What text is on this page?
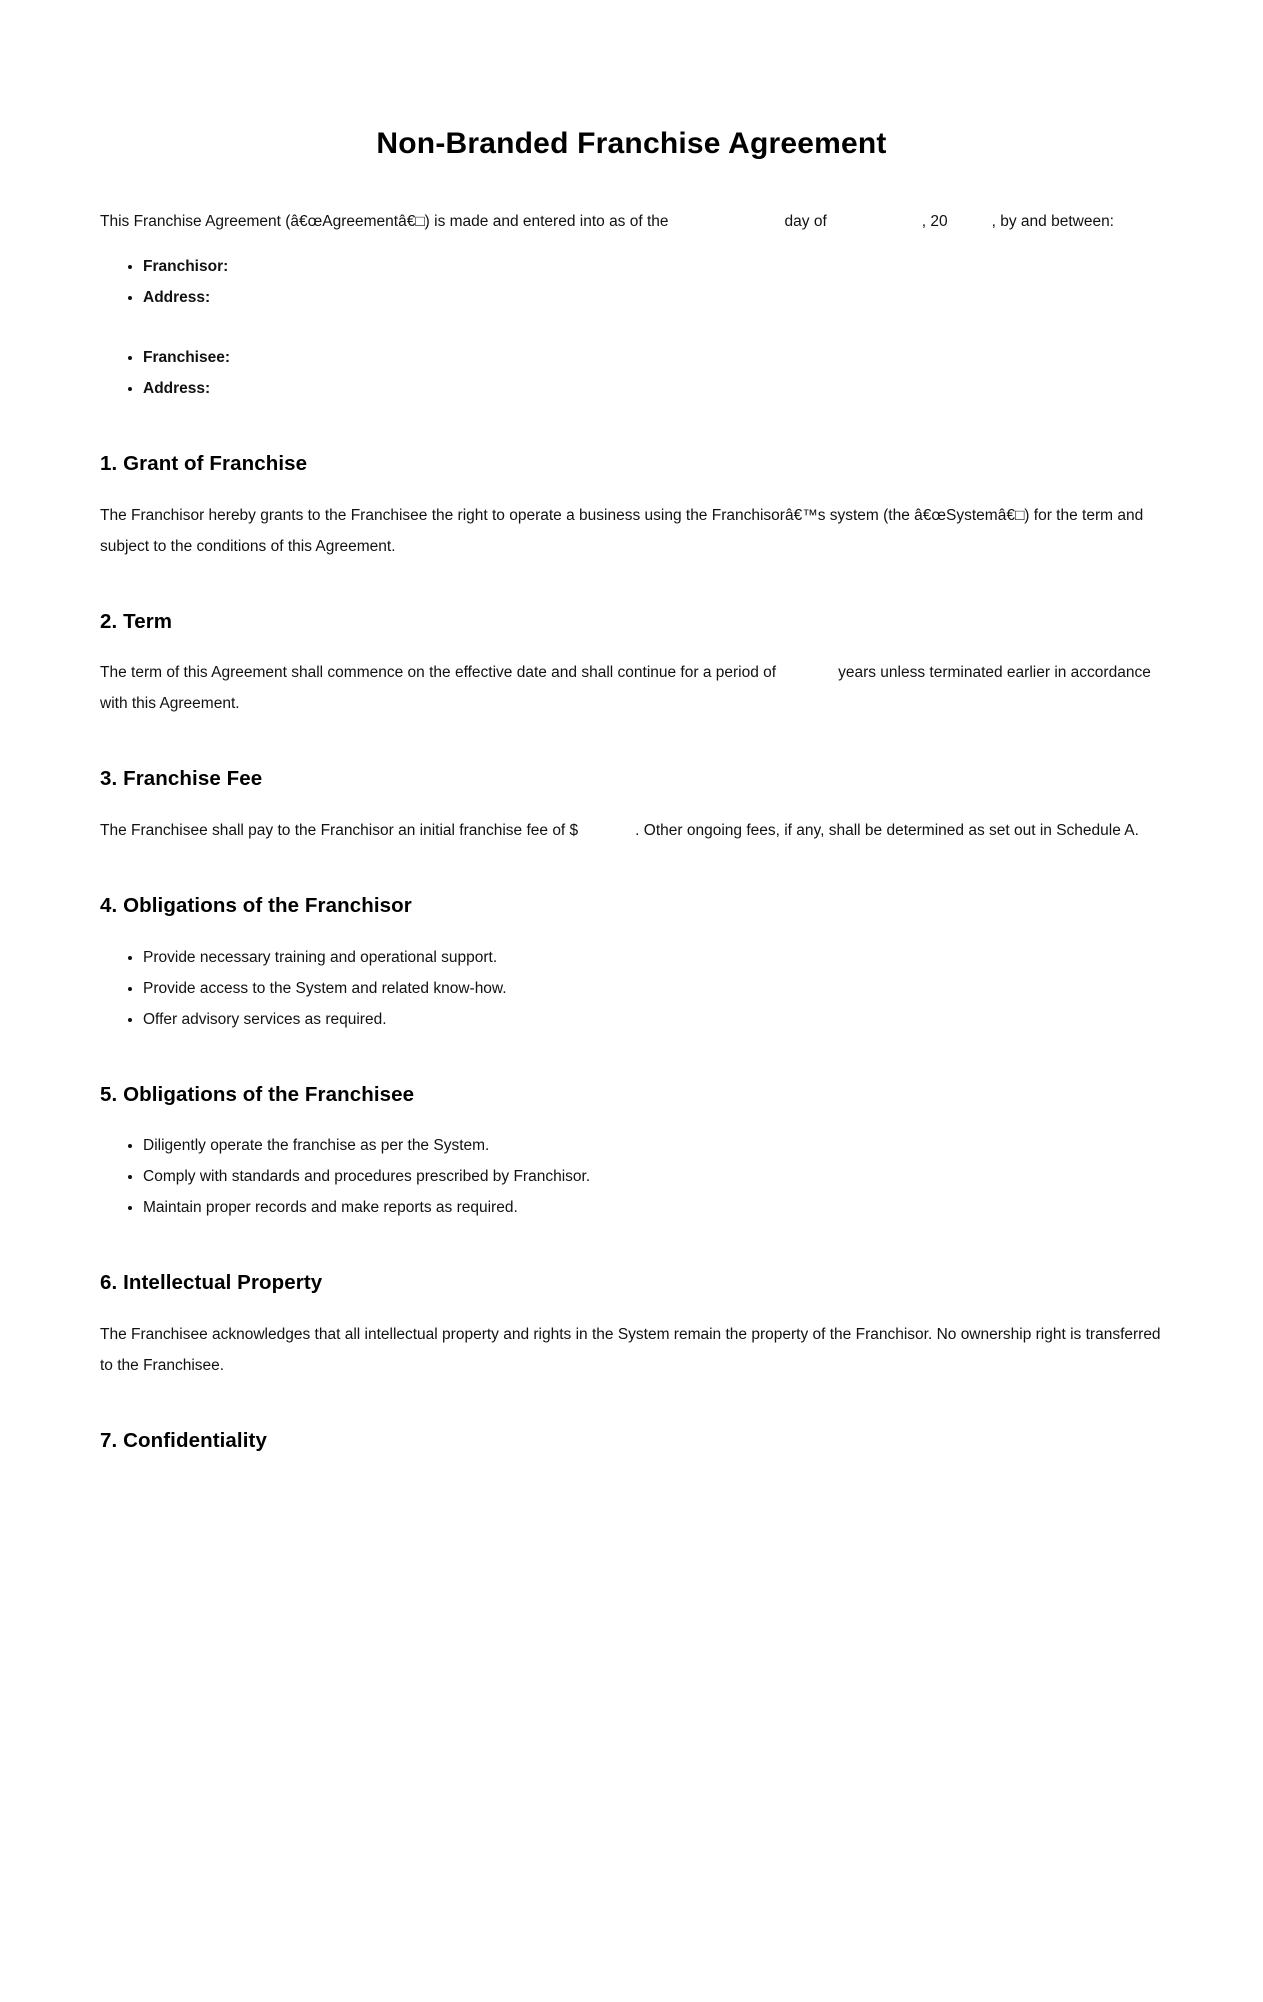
Non-Branded Franchise Agreement

This Franchise Agreement (â€œAgreementâ€□) is made and entered into as of the	day of	, 20	, by and between:

• Franchisor:
• Address:
• Franchisee:
• Address:
1. Grant of Franchise

The Franchisor hereby grants to the Franchisee the right to operate a business using the Franchisorâ€™s system (the â€œSystemâ€□) for the term and subject to the conditions of this Agreement.

2. Term

The term of this Agreement shall commence on the effective date and shall continue for a period of	years unless terminated earlier in accordance with this Agreement.

3. Franchise Fee

The Franchisee shall pay to the Franchisor an initial franchise fee of $	. Other ongoing fees, if any, shall be determined as set out in Schedule A.

4. Obligations of the Franchisor
• Provide necessary training and operational support.
• Provide access to the System and related know-how.
• Offer advisory services as required.
5. Obligations of the Franchisee
• Diligently operate the franchise as per the System.
• Comply with standards and procedures prescribed by Franchisor.
• Maintain proper records and make reports as required.
6. Intellectual Property

The Franchisee acknowledges that all intellectual property and rights in the System remain the property of the Franchisor. No ownership right is transferred to the Franchisee.

7. Confidentiality
